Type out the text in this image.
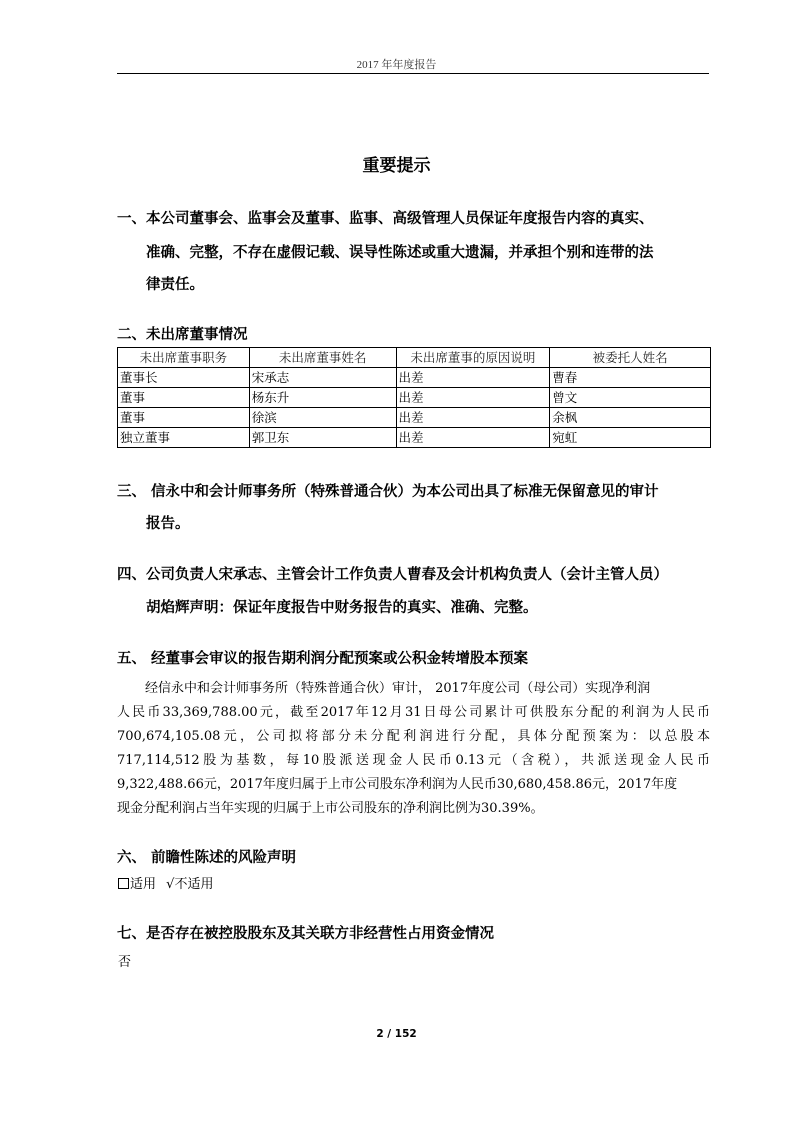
2017 年年度报告
重要提示
一、本公司董事会、监事会及董事、监事、高级管理人员保证年度报告内容的真实、
准确、完整，不存在虚假记载、误导性陈述或重大遗漏，并承担个别和连带的法
律责任。
二、未出席董事情况
未出席董事职务	未出席董事姓名	未出席董事的原因说明	被委托人姓名
董事长	宋承志	出差	曹春
董事	杨东升	出差	曾文
董事	徐滨	出差	余枫
独立董事	郭卫东	出差	宛虹
三、 信永中和会计师事务所（特殊普通合伙）为本公司出具了标准无保留意见的审计
报告。
四、公司负责人宋承志、主管会计工作负责人曹春及会计机构负责人（会计主管人员）
胡焰辉声明：保证年度报告中财务报告的真实、准确、完整。
五、 经董事会审议的报告期利润分配预案或公积金转增股本预案
经信永中和会计师事务所（特殊普通合伙）审计， 2017年度公司（母公司）实现净利润
人民币33,369,788.00元，截至2017年12月31日母公司累计可供股东分配的利润为人民币
700,674,105.08元，公司拟将部分未分配利润进行分配，具体分配预案为：以总股本
717,114,512股为基数，每10股派送现金人民币0.13元（含税），共派送现金人民币
9,322,488.66元，2017年度归属于上市公司股东净利润为人民币30,680,458.86元，2017年度
现金分配利润占当年实现的归属于上市公司股东的净利润比例为30.39%。
六、 前瞻性陈述的风险声明
适用 √不适用
七、是否存在被控股股东及其关联方非经营性占用资金情况
否
2 / 152
